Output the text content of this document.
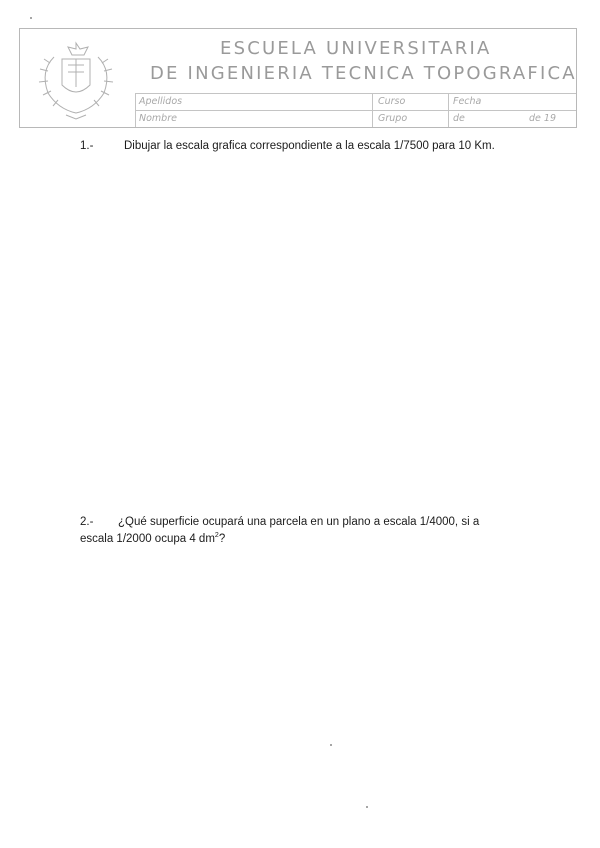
ESCUELA UNIVERSITARIA
DE INGENIERIA TECNICA TOPOGRAFICA
Apellidos	Curso	Fecha
Nombre	Grupo	de	de 19
1.-	Dibujar la escala grafica correspondiente a la escala 1/7500 para 10 Km.
2.- ¿Qué superficie ocupará una parcela en un plano a escala 1/4000, si a escala 1/2000 ocupa 4 $dm^2$?
